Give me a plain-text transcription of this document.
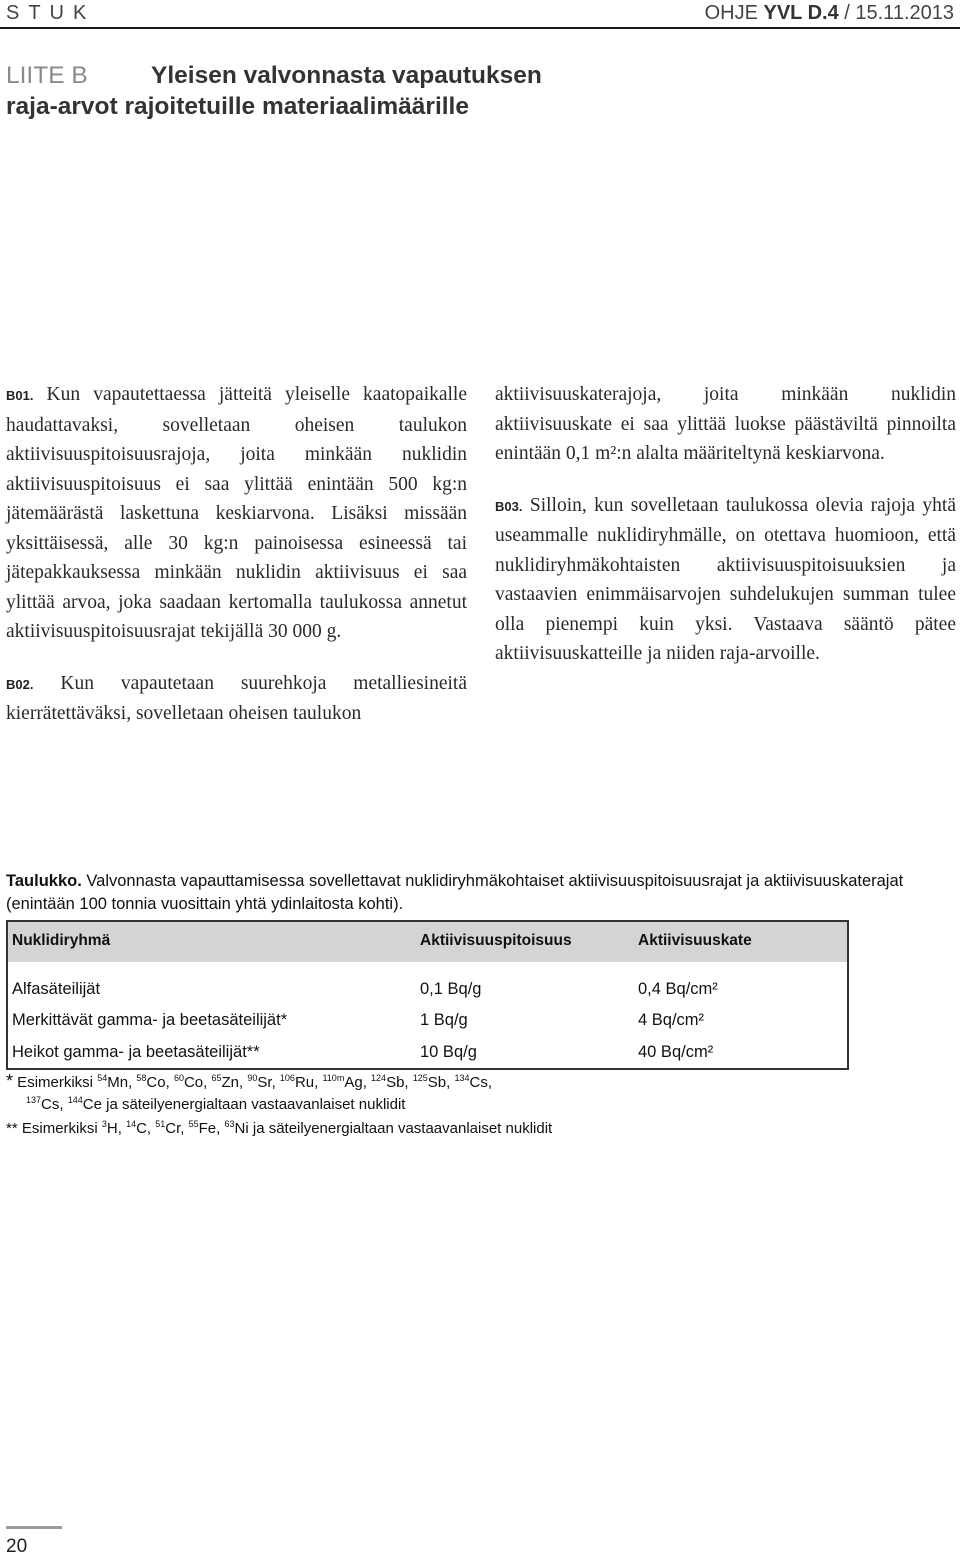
STUK	OHJE YVL D.4 / 15.11.2013
LIITE B	Yleisen valvonnasta vapautuksen
raja-arvot rajoitetuille materiaalimäärille

B01. Kun vapautettaessa jätteitä yleiselle kaatopaikalle haudattavaksi, sovelletaan oheisen taulukon aktiivisuuspitoisuusrajoja, joita minkään nuklidin aktiivisuuspitoisuus ei saa ylittää enintään 500 kg:n jätemäärästä laskettuna keskiarvona. Lisäksi missään yksittäisessä, alle 30 kg:n painoisessa esineessä tai jätepakkauksessa minkään nuklidin aktiivisuus ei saa ylittää arvoa, joka saadaan kertomalla taulukossa annetut aktiivisuuspitoisuusrajat tekijällä 30 000 g.

B02. Kun vapautetaan suurehkoja metalliesineitä kierrätettäväksi, sovelletaan oheisen taulukon

aktiivisuuskaterajoja, joita minkään nuklidin aktiivisuuskate ei saa ylittää luokse päästäviltä pinnoilta enintään 0,1 m²:n alalta määriteltynä keskiarvona.

B03. Silloin, kun sovelletaan taulukossa olevia rajoja yhtä useammalle nuklidiryhmälle, on otettava huomioon, että nuklidiryhmäkohtaisten aktiivisuuspitoisuuksien ja vastaavien enimmäisarvojen suhdelukujen summan tulee olla pienempi kuin yksi. Vastaava sääntö pätee aktiivisuuskatteille ja niiden raja-arvoille.

Taulukko. Valvonnasta vapauttamisessa sovellettavat nuklidiryhmäkohtaiset aktiivisuuspitoisuusrajat ja aktiivisuuskaterajat (enintään 100 tonnia vuosittain yhtä ydinlaitosta kohti).
Nuklidiryhmä	Aktiivisuuspitoisuus	Aktiivisuuskate
Alfasäteilijät	0,1 Bq/g	0,4 Bq/cm²
Merkittävät gamma- ja beetasäteilijät*	1 Bq/g	4 Bq/cm²
Heikot gamma- ja beetasäteilijät**	10 Bq/g	40 Bq/cm²
* Esimerkiksi $^{54}$Mn, $^{58}$Co, $^{60}$Co, $^{65}$Zn, $^{90}$Sr, $^{106}$Ru, $^{110m}$Ag, $^{124}$Sb, $^{125}$Sb, $^{134}$Cs,
$^{137}$Cs, $^{144}$Ce ja säteilyenergialtaan vastaavanlaiset nuklidit
** Esimerkiksi $^3$H, $^{14}$C, $^{51}$Cr, $^{55}$Fe, $^{63}$Ni ja säteilyenergialtaan vastaavanlaiset nuklidit
20
